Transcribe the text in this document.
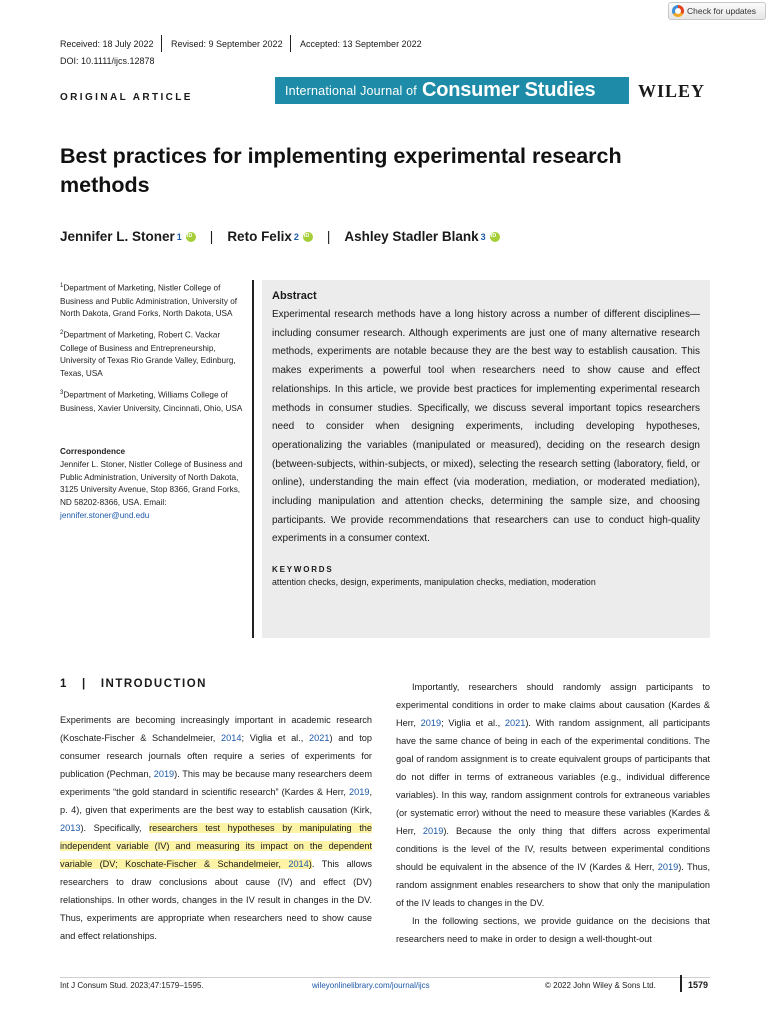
Check for updates
Received: 18 July 2022 Revised: 9 September 2022 Accepted: 13 September 2022
DOI: 10.1111/ijcs.12878
ORIGINAL ARTICLE	International Journal of Consumer Studies WILEY
Best practices for implementing experimental research methods
Jennifer L. Stoner 1 iD | Reto Felix 2 iD | Ashley Stadler Blank 3
iD

$^1$Department of Marketing, Nistler College of Business and Public Administration, University of North Dakota, Grand Forks, North Dakota, USA

$^2$Department of Marketing, Robert C. Vackar College of Business and Entrepreneurship, University of Texas Rio Grande Valley, Edinburg, Texas, USA

$^3$Department of Marketing, Williams College of Business, Xavier University, Cincinnati, Ohio, USA

Correspondence
Jennifer L. Stoner, Nistler College of Business and Public Administration, University of North Dakota, 3125 University Avenue, Stop 8366, Grand Forks, ND 58202-8366, USA. Email: jennifer.stoner@und.edu
Abstract
Experimental research methods have a long history across a number of different disciplines—including consumer research. Although experiments are just one of many alternative research methods, experiments are notable because they are the best way to establish causation. This makes experiments a powerful tool when researchers need to show cause and effect relationships. In this article, we provide best practices for implementing experimental research methods in consumer studies. Specifically, we discuss several important topics researchers need to consider when designing experiments, including developing hypotheses, operationalizing the variables (manipulated or measured), deciding on the research design (between-subjects, within-subjects, or mixed), selecting the research setting (laboratory, field, or online), understanding the main effect (via moderation, mediation, or moderated mediation), including manipulation and attention checks, determining the sample size, and choosing participants. We provide recommendations that researchers can use to conduct high-quality experiments in a consumer context.
KEYWORDS
attention checks, design, experiments, manipulation checks, mediation, moderation
1 | INTRODUCTION

Experiments are becoming increasingly important in academic research (Koschate-Fischer & Schandelmeier, 2014; Viglia et al., 2021) and top consumer research journals often require a series of experiments for publication (Pechman, 2019). This may be because many researchers deem experiments “the gold standard in scientific research” (Kardes & Herr, 2019, p. 4), given that experiments are the best way to establish causation (Kirk, 2013). Specifically, researchers test hypotheses by manipulating the independent variable (IV) and measuring its impact on the dependent variable (DV; Koschate-Fischer & Schandelmeier, 2014). This allows researchers to draw conclusions about cause (IV) and effect (DV) relationships. In other words, changes in the IV result in changes in the DV. Thus, experiments are appropriate when researchers need to show cause and effect relationships.

Importantly, researchers should randomly assign participants to experimental conditions in order to make claims about causation (Kardes & Herr, 2019; Viglia et al., 2021). With random assignment, all participants have the same chance of being in each of the experimental conditions. The goal of random assignment is to create equivalent groups of participants that do not differ in terms of extraneous variables (e.g., individual difference variables). In this way, random assignment controls for extraneous variables (or systematic error) without the need to measure these variables (Kardes & Herr, 2019). Because the only thing that differs across experimental conditions is the level of the IV, results between experimental conditions should be equivalent in the absence of the IV (Kardes & Herr, 2019). Thus, random assignment enables researchers to show that only the manipulation of the IV leads to changes in the DV.

In the following sections, we provide guidance on the decisions that researchers need to make in order to design a well-thought-out

Int J Consum Stud. 2023;47:1579–1595.	wileyonlinelibrary.com/journal/ijcs	© 2022 John Wiley & Sons Ltd.	1579
